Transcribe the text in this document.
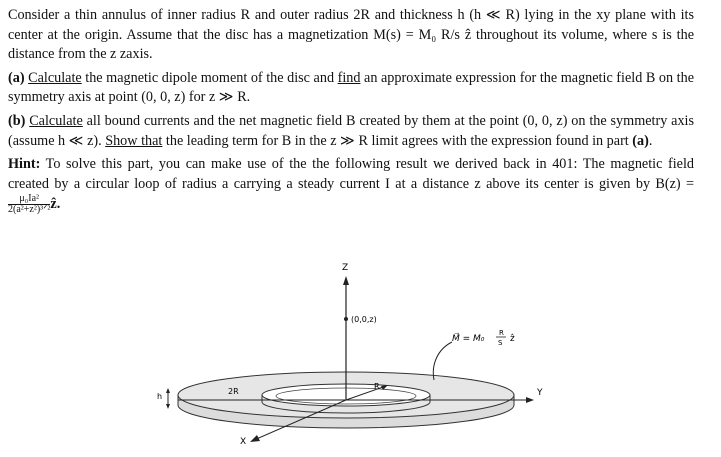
Consider a thin annulus of inner radius R and outer radius 2R and thickness h (h ≪ R) lying in the xy plane with its center at the origin. Assume that the disc has a magnetization M(s) = M₀ R/s ẑ throughout its volume, where s is the distance from the z zaxis.

(a) Calculate the magnetic dipole moment of the disc and find an approximate expression for the magnetic field B on the symmetry axis at point (0, 0, z) for z ≫ R.

(b) Calculate all bound currents and the net magnetic field B created by them at the point (0, 0, z) on the symmetry axis (assume h ≪ z). Show that the leading term for B in the z ≫ R limit agrees with the expression found in part (a).

Hint: To solve this part, you can make use of the the following result we derived back in 401: The magnetic field created by a circular loop of radius a carrying a steady current I at a distance z above its center is given by B(z) =
$\frac{\text{μ₀Ia²}}{\text{2(a²+z²)³ᐟ²}}$ ẑ.

Y
Z
(0,0,z)
X
R
2R
h
M⃗ = M₀
R
S ẑ
